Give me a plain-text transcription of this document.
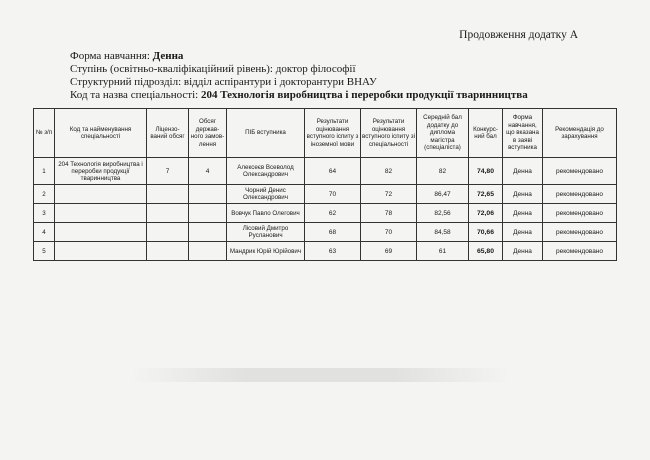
Продовження додатку А
Форма навчання: Денна
Ступінь (освітньо-кваліфікаційний рівень): доктор філософії
Структурний підрозділ: відділ аспірантури і докторантури ВНАУ
Код та назва спеціальності: 204 Технологія виробництва і переробки продукції тваринництва
№ з/п	Код та найменування спеціальності	Ліцензо-ваний обсяг	Обсяг держав-ного замов-лення	ПІБ вступника	Результати оцінювання вступного іспиту з іноземної мови	Результати оцінювання вступного іспиту зі спеціальності	Середній бал додатку до диплома магістра (спеціаліста)	Конкурс-ний бал	Форма навчання, що вказана в заяві вступника	Рекомендація до зарахування
1	204 Технологія виробництва і переробки продукції тваринництва	7	4	Алексеєв Всеволод Олександрович	64	82	82	74,80	Денна	рекомендовано
2				Чорний Денис Олександрович	70	72	86,47	72,65	Денна	рекомендовано
3				Вовчук Павло Олегович	62	78	82,56	72,06	Денна	рекомендовано
4				Лісовий Дмитро Русланович	68	70	84,58	70,66	Денна	рекомендовано
5				Мандрик Юрій Юрійович	63	69	61	65,80	Денна	рекомендовано
